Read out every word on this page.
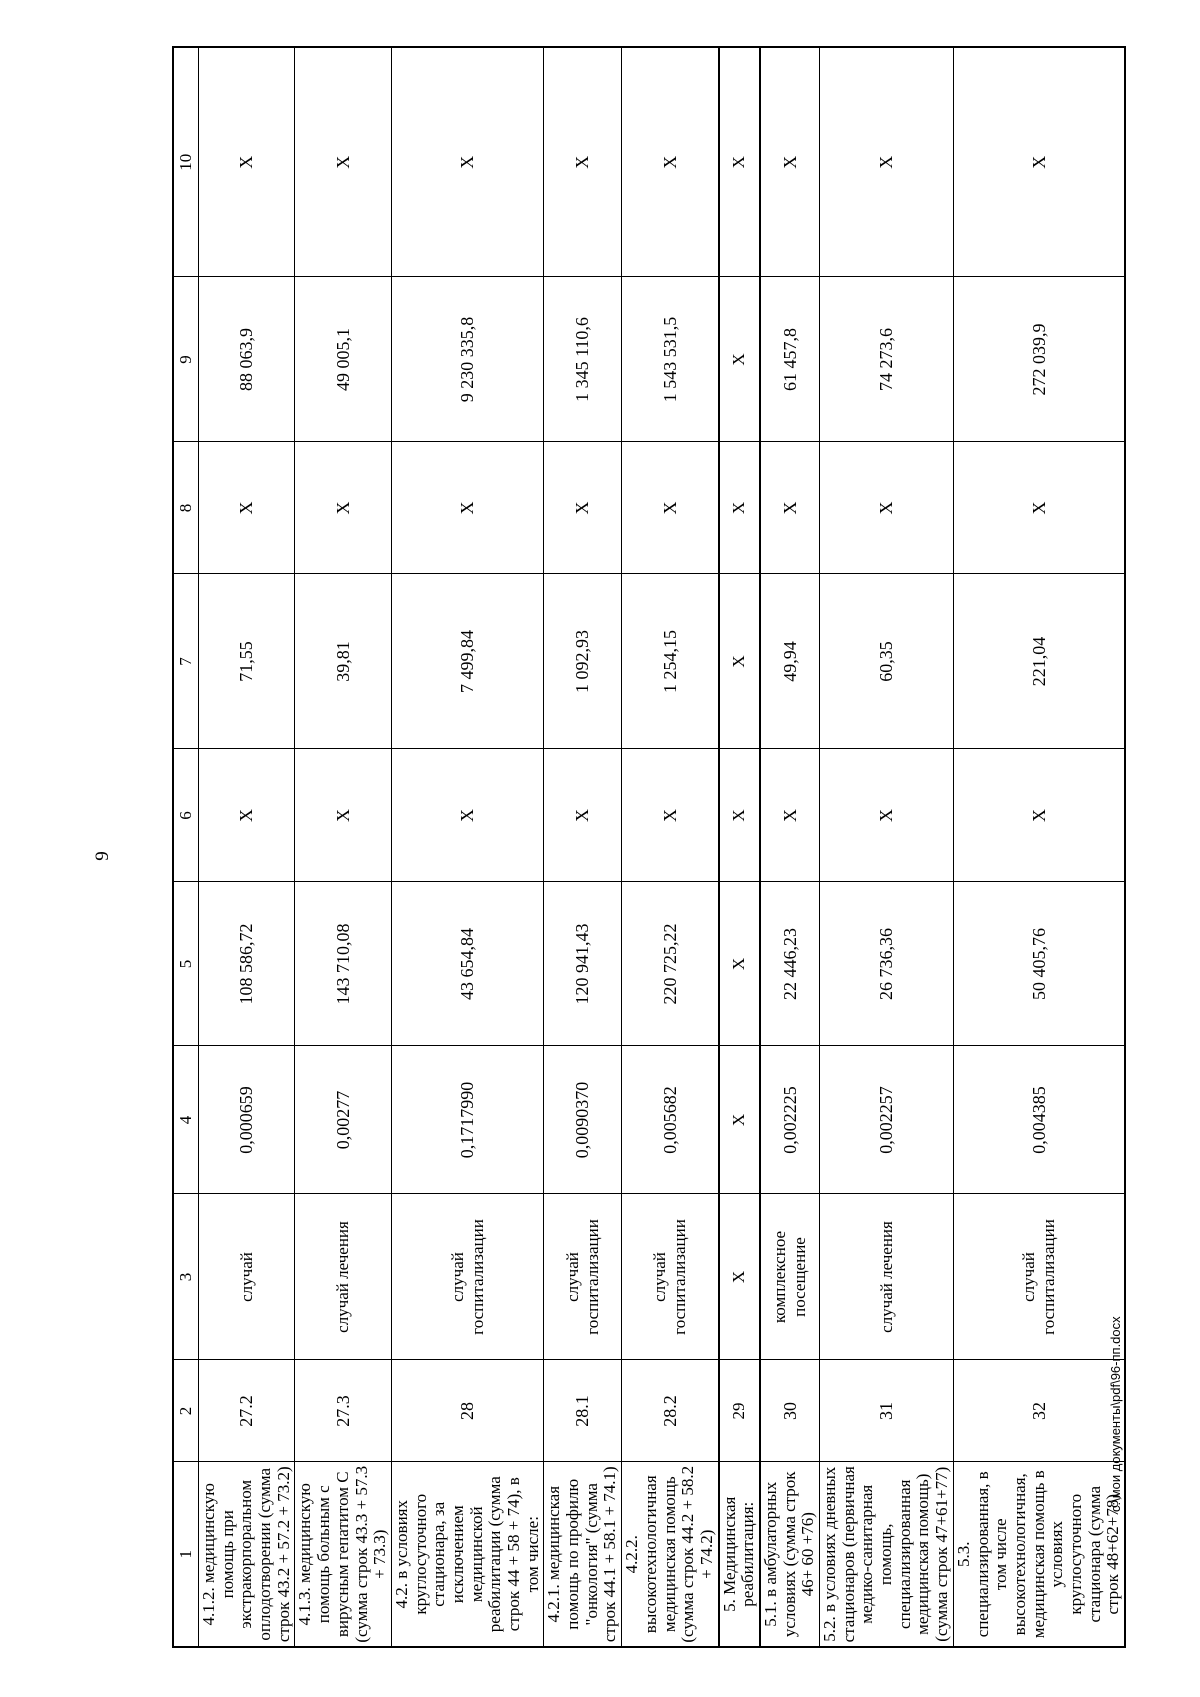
9
1	2	3	4	5	6	7	8	9	10
4.1.2. медицинскую помощь при экстракорпоральном оплодотворении (сумма строк 43.2 + 57.2 + 73.2)	27.2	случай	0,000659	108 586,72	X	71,55	X	88 063,9	X
4.1.3. медицинскую помощь больным с вирусным гепатитом С (сумма строк 43.3 + 57.3 + 73.3)	27.3	случай лечения	0,00277	143 710,08	X	39,81	X	49 005,1	X
4.2. в условиях круглосуточного стационара, за исключением медицинской реабилитации (сумма строк 44 + 58 + 74), в том числе:	28	случай госпитализации	0,1717990	43 654,84	X	7 499,84	X	9 230 335,8	X
4.2.1. медицинская помощь по профилю "онкология" (сумма строк 44.1 + 58.1 + 74.1)	28.1	случай госпитализации	0,0090370	120 941,43	X	1 092,93	X	1 345 110,6	X
4.2.2. высокотехнологичная медицинская помощь (сумма строк 44.2 + 58.2 + 74.2)	28.2	случай госпитализации	0,005682	220 725,22	X	1 254,15	X	1 543 531,5	X
5. Медицинская реабилитация:	29	X	X	X	X	X	X	X	X
5.1. в амбулаторных условиях (сумма строк 46+ 60 +76)	30	комплексное посещение	0,002225	22 446,23	X	49,94	X	61 457,8	X
5.2. в условиях дневных стационаров (первичная медико-санитарная помощь, специализированная медицинская помощь) (сумма строк 47+61+77)	31	случай лечения	0,002257	26 736,36	X	60,35	X	74 273,6	X
5.3. специализированная, в том числе высокотехнологичная, медицинская помощь в условиях круглосуточного стационара (сумма строк 48+62+78)	32	случай госпитализации	0,004385	50 405,76	X	221,04	X	272 039,9	X
c:\мои документы\pdf\96-пп.docx
